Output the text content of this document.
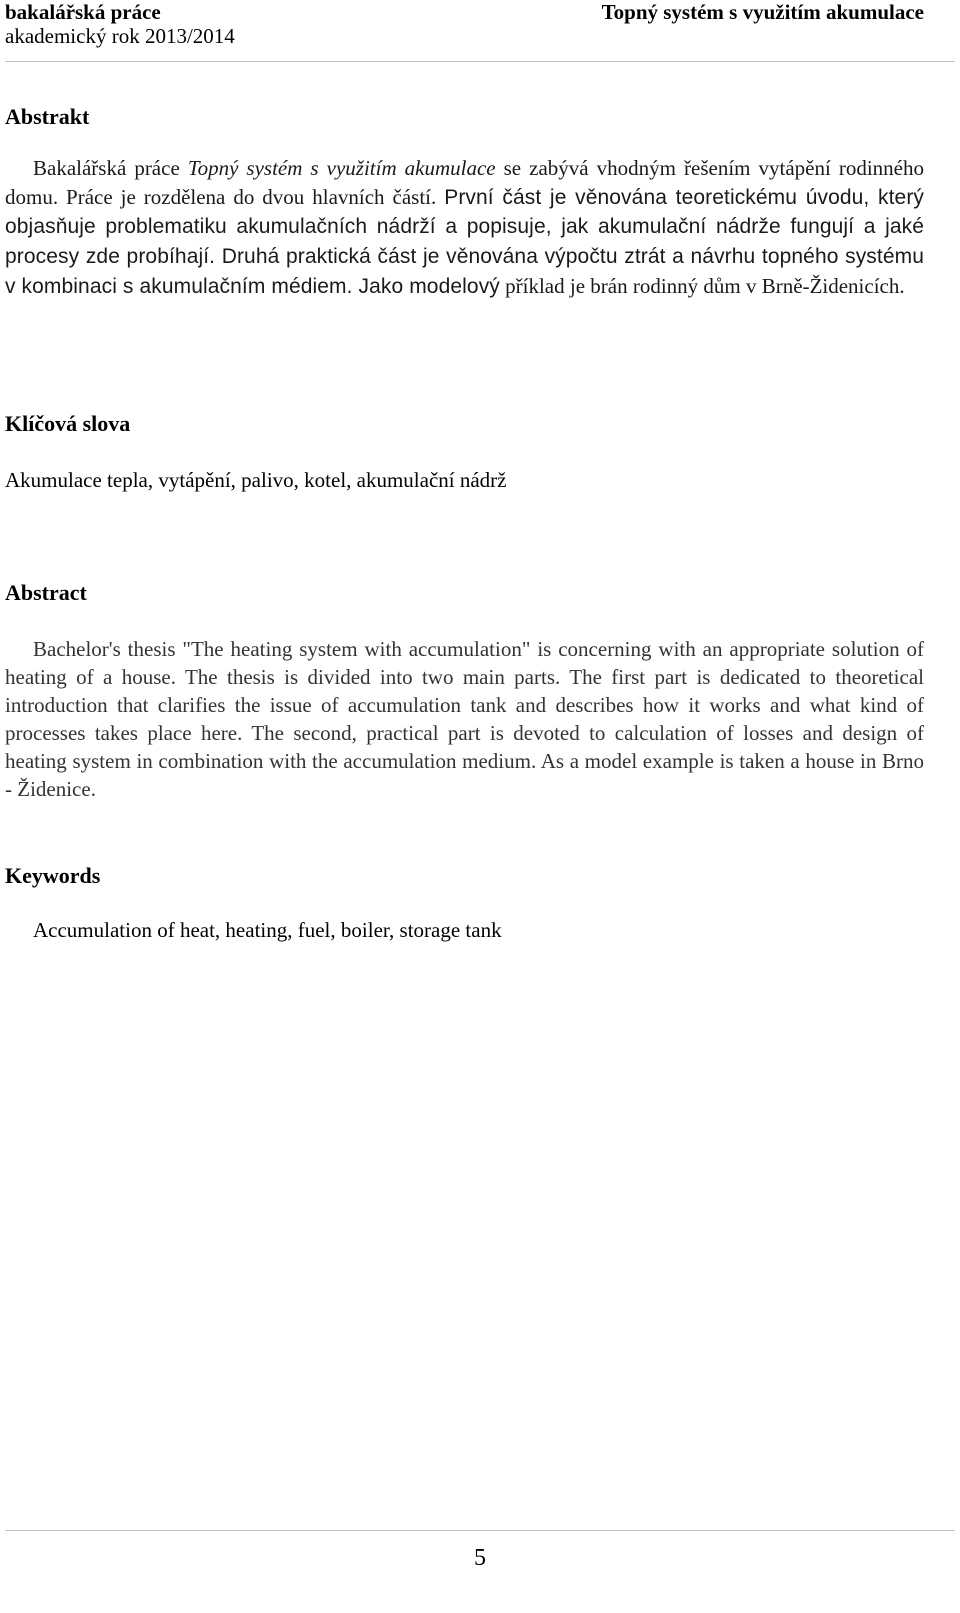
bakalářská práce
akademický rok 2013/2014
Topný systém s využitím akumulace
Abstrakt

Bakalářská práce Topný systém s využitím akumulace se zabývá vhodným řešením vytápění rodinného domu. Práce je rozdělena do dvou hlavních částí. První část je věnována teoretickému úvodu, který objasňuje problematiku akumulačních nádrží a popisuje, jak akumulační nádrže fungují a jaké procesy zde probíhají. Druhá praktická část je věnována výpočtu ztrát a návrhu topného systému v kombinaci s akumulačním médiem. Jako modelový příklad je brán rodinný dům v Brně-Židenicích.

Klíčová slova

Akumulace tepla, vytápění, palivo, kotel, akumulační nádrž

Abstract

Bachelor's thesis "The heating system with accumulation" is concerning with an appropriate solution of heating of a house. The thesis is divided into two main parts. The first part is dedicated to theoretical introduction that clarifies the issue of accumulation tank and describes how it works and what kind of processes takes place here. The second, practical part is devoted to calculation of losses and design of heating system in combination with the accumulation medium. As a model example is taken a house in Brno - Židenice.

Keywords

Accumulation of heat, heating, fuel, boiler, storage tank

5
